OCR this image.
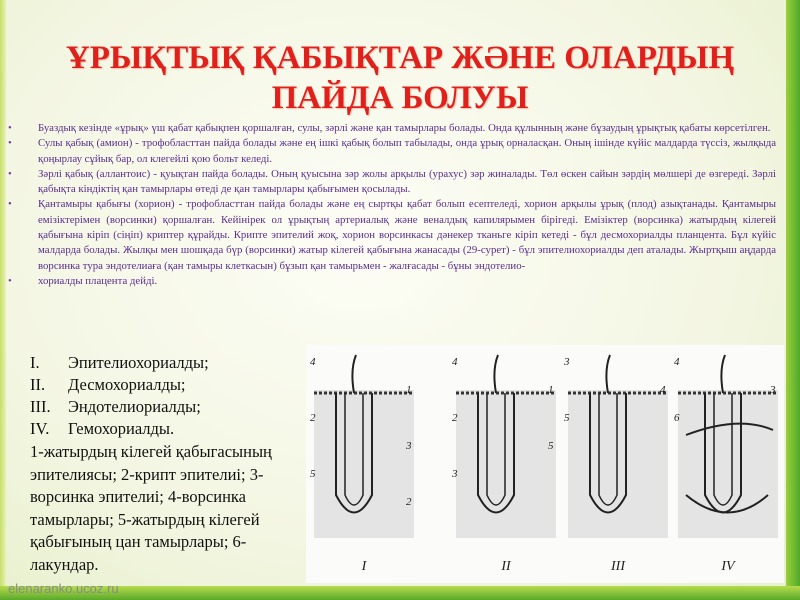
ҰРЫҚТЫҚ ҚАБЫҚТАР ЖӘНЕ ОЛАРДЫҢ ПАЙДА БОЛУЫ
• Буаздық кезінде «ұрық» үш қабат қабықпен қоршалған, сулы, зәрлі және қан тамырлары болады. Онда құлынның және бұзаудың ұрықтық қабаты көрсетілген.
• Сулы қабық (амион) - трофобласттан пайда болады және ең ішкі қабық болып табылады, онда ұрық орналасқан. Оның ішінде күйіс малдарда түссіз, жылқыда қоңырлау сұйық бар, ол клегейлі қою больт келеді.
• Зәрлі қабық (аллантоис) - қуықтан пайда болады. Оның қуысына зәр жолы арқылы (урахус) зәр жиналады. Төл өскен сайын зәрдің мөлшері де өзгереді. Зәрлі қабықта кіндіктің қан тамырлары өтеді де қан тамырлары қабығымен қосылады.
• Қантамыры қабығы (хорион) - трофобласттан пайда болады және ең сыртқы қабат болып есептеледі, хорион арқылы ұрық (плод) азықтанады. Қантамыры емізіктерімен (ворсинки) қоршалған. Кейінірек ол ұрықтың артериалық және веналдық капилярымен бірігеді. Емізіктер (ворсинка) жатырдың кілегей қабығына кіріп (сіңіп) криптер құрайды. Криптe эпителий жоқ, хорион ворсинкасы дәнекер тканьге кіріп кетеді - бұл десмохориалды планцента. Бұл күйіс малдарда болады. Жылқы мен шошқада бүр (ворсинки) жатыр кілегей қабығына жанасады (29-сурет) - бұл эпителиохориалды деп аталады. Жыртқыш аңдарда ворсинка тура эндотелиаға (қан тамыры клеткасын) бұзып қан тамырьмен - жалғасады - бұны эндотелио-
• хориалды плацента дейді.
I.	Эпителиохориалды;
II.	Десмохориалды;
III.	Эндотелиориалды;
IV.	Гемохориалды.

1-жатырдың кілегей қабыгасының эпителиясы; 2-крипт эпителиі; 3-ворсинка эпителиі; 4-ворсинка тамырлары; 5-жатырдың кілегей қабығының цан тамырлары; 6-лакундар.

4
1
2
3
5
2
I
4
1
2
5
3
II
3
4
5
III
4
3
6
IV
elenaranko.ucoz.ru
